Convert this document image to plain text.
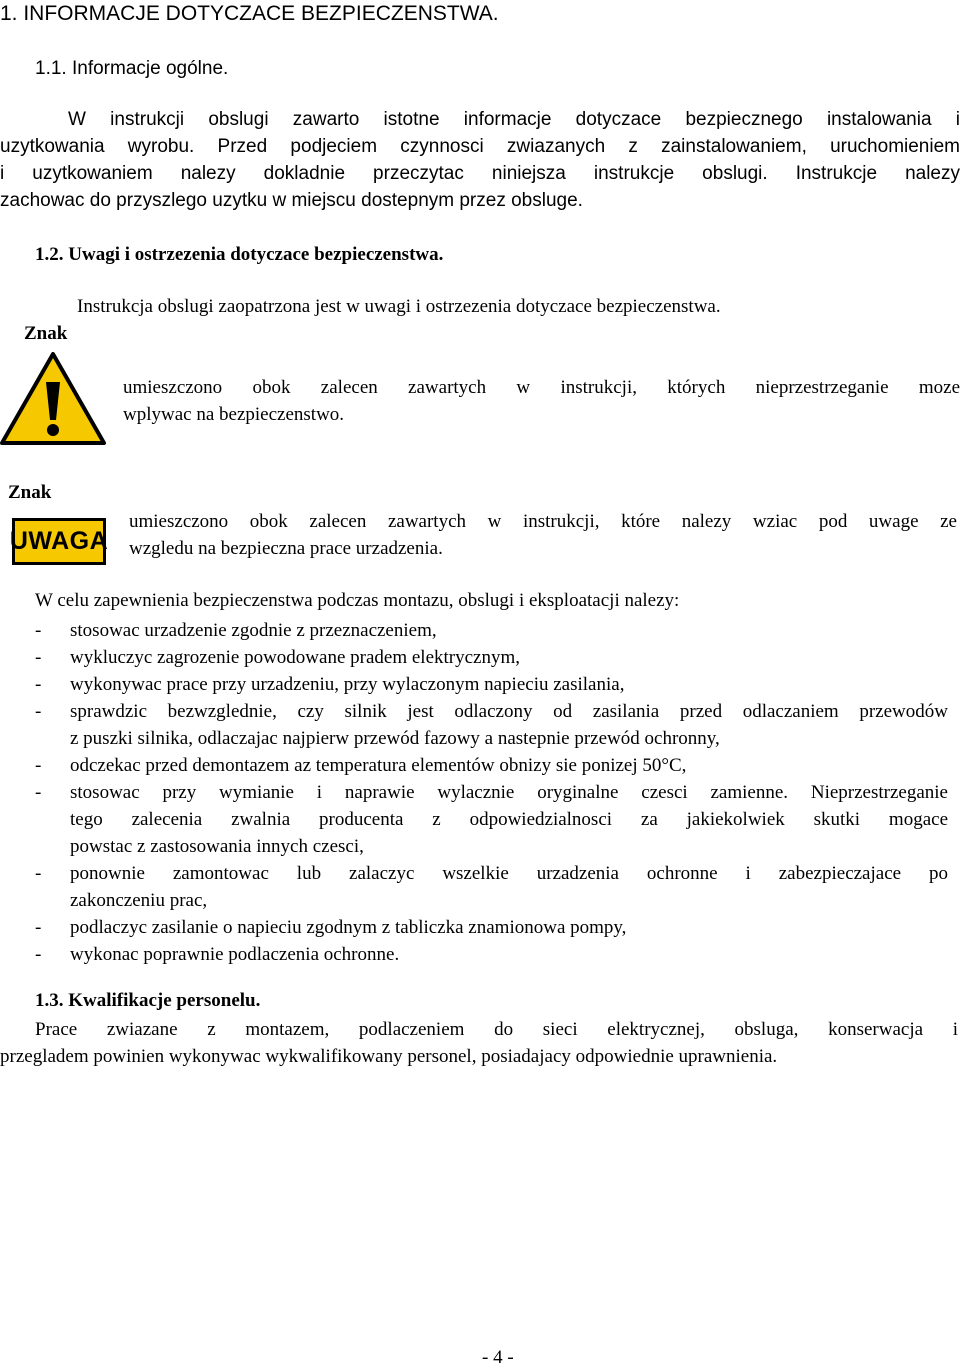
1. INFORMACJE DOTYCZACE BEZPIECZENSTWA.
1.1. Informacje ogólne.
W instrukcji obslugi zawarto istotne informacje dotyczace bezpiecznego instalowania i
uzytkowania wyrobu. Przed podjeciem czynnosci zwiazanych z zainstalowaniem, uruchomieniem
i uzytkowaniem nalezy dokladnie przeczytac niniejsza instrukcje obslugi. Instrukcje nalezy
zachowac do przyszlego uzytku w miejscu dostepnym przez obsluge.
1.2. Uwagi i ostrzezenia dotyczace bezpieczenstwa.
Instrukcja obslugi zaopatrzona jest w uwagi i ostrzezenia dotyczace bezpieczenstwa.
Znak
umieszczono obok zalecen zawartych w instrukcji, których nieprzestrzeganie moze
wplywac na bezpieczenstwo.
Znak
UWAGA
umieszczono obok zalecen zawartych w instrukcji, które nalezy wziac pod uwage ze
wzgledu na bezpieczna prace urzadzenia.
W celu zapewnienia bezpieczenstwa podczas montazu, obslugi i eksploatacji nalezy:
- stosowac urzadzenie zgodnie z przeznaczeniem,
- wykluczyc zagrozenie powodowane pradem elektrycznym,
- wykonywac prace przy urzadzeniu, przy wylaczonym napieciu zasilania,
- sprawdzic bezwzglednie, czy silnik jest odlaczony od zasilania przed odlaczaniem przewodów
z puszki silnika, odlaczajac najpierw przewód fazowy a nastepnie przewód ochronny,
- odczekac przed demontazem az temperatura elementów obnizy sie ponizej 50°C,
- stosowac przy wymianie i naprawie wylacznie oryginalne czesci zamienne. Nieprzestrzeganie
tego zalecenia zwalnia producenta z odpowiedzialnosci za jakiekolwiek skutki mogace
powstac z zastosowania innych czesci,
- ponownie zamontowac lub zalaczyc wszelkie urzadzenia ochronne i zabezpieczajace po
zakonczeniu prac,
- podlaczyc zasilanie o napieciu zgodnym z tabliczka znamionowa pompy,
- wykonac poprawnie podlaczenia ochronne.
1.3. Kwalifikacje personelu.
Prace zwiazane z montazem, podlaczeniem do sieci elektrycznej, obsluga, konserwacja i
przegladem powinien wykonywac wykwalifikowany personel, posiadajacy odpowiednie uprawnienia.
- 4 -
